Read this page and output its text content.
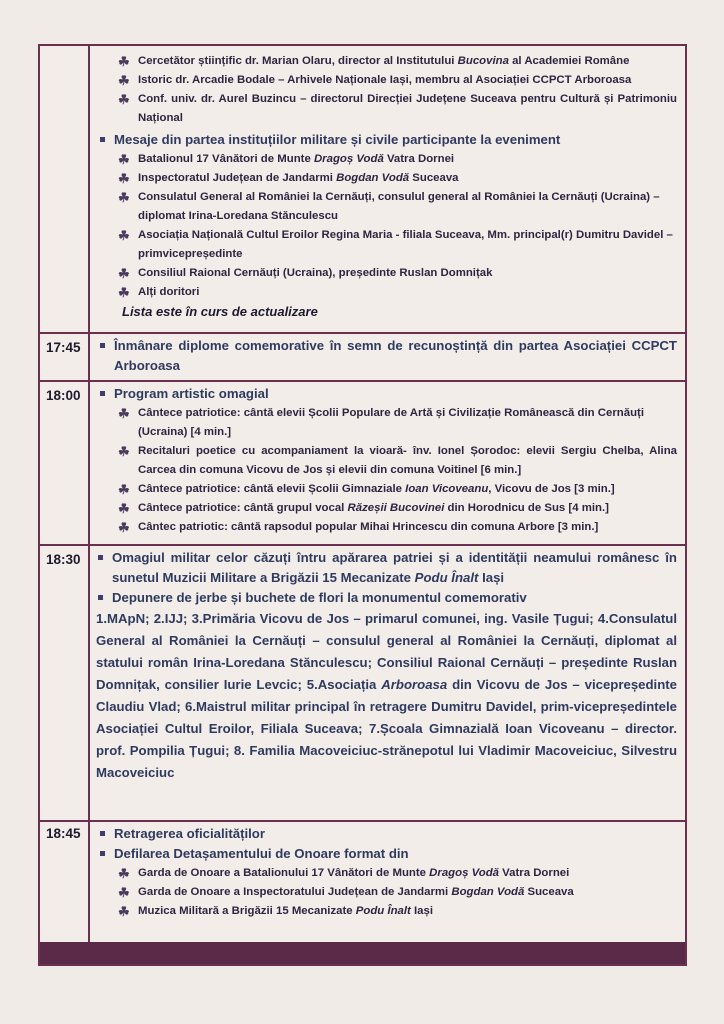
☘ Cercetător științific dr. Marian Olaru, director al Institutului Bucovina al Academiei Române
☘ Istoric dr. Arcadie Bodale – Arhivele Naționale Iași, membru al Asociației CCPCT Arboroasa
☘ Conf. univ. dr. Aurel Buzincu – directorul Direcției Județene Suceava pentru Cultură și Patrimoniu Național
Mesaje din partea instituțiilor militare și civile participante la eveniment
☘ Batalionul 17 Vânători de Munte Dragoș Vodă Vatra Dornei
☘ Inspectoratul Județean de Jandarmi Bogdan Vodă Suceava
☘ Consulatul General al României la Cernăuți, consulul general al României la Cernăuți (Ucraina) – diplomat Irina-Loredana Stănculescu
☘ Asociația Națională Cultul Eroilor Regina Maria - filiala Suceava, Mm. principal(r) Dumitru Davidel – primvicepreședinte
☘ Consiliul Raional Cernăuți (Ucraina), președinte Ruslan Domnițak
☘ Alți doritori
Lista este în curs de actualizare
17:45	Înmânare diplome comemorative în semn de recunoștință din partea Asociației CCPCT Arboroasa
18:00	Program artistic omagial
☘ Cântece patriotice: cântă elevii Școlii Populare de Artă și Civilizație Românească din Cernăuți (Ucraina) [4 min.]
☘ Recitaluri poetice cu acompaniament la vioară- înv. Ionel Șorodoc: elevii Sergiu Chelba, Alina Carcea din comuna Vicovu de Jos și elevii din comuna Voitinel [6 min.]
☘ Cântece patriotice: cântă elevii Școlii Gimnaziale Ioan Vicoveanu, Vicovu de Jos [3 min.]
☘ Cântece patriotice: cântă grupul vocal Răzeșii Bucovinei din Horodnicu de Sus [4 min.]
☘ Cântec patriotic: cântă rapsodul popular Mihai Hrincescu din comuna Arbore [3 min.]
18:30	Omagiul militar celor căzuți întru apărarea patriei și a identității neamului românesc în sunetul Muzicii Militare a Brigăzii 15 Mecanizate Podu Înalt Iași
Depunere de jerbe și buchete de flori la monumentul comemorativ
1.MApN; 2.IJJ; 3.Primăria Vicovu de Jos – primarul comunei, ing. Vasile Țugui; 4.Consulatul General al României la Cernăuți – consulul general al României la Cernăuți, diplomat al statului român Irina-Loredana Stănculescu; Consiliul Raional Cernăuți – președinte Ruslan Domnițak, consilier Iurie Levcic; 5.Asociația Arboroasa din Vicovu de Jos – vicepreședinte Claudiu Vlad; 6.Maistrul militar principal în retragere Dumitru Davidel, prim-vicepreședintele Asociației Cultul Eroilor, Filiala Suceava; 7.Școala Gimnazială Ioan Vicoveanu – director. prof. Pompilia Țugui; 8. Familia Macoveiciuc-strănepotul lui Vladimir Macoveiciuc, Silvestru Macoveiciuc
18:45	Retragerea oficialităților
Defilarea Detașamentului de Onoare format din
☘ Garda de Onoare a Batalionului 17 Vânători de Munte Dragoș Vodă Vatra Dornei
☘ Garda de Onoare a Inspectoratului Județean de Jandarmi Bogdan Vodă Suceava
☘ Muzica Militară a Brigăzii 15 Mecanizate Podu Înalt Iași
